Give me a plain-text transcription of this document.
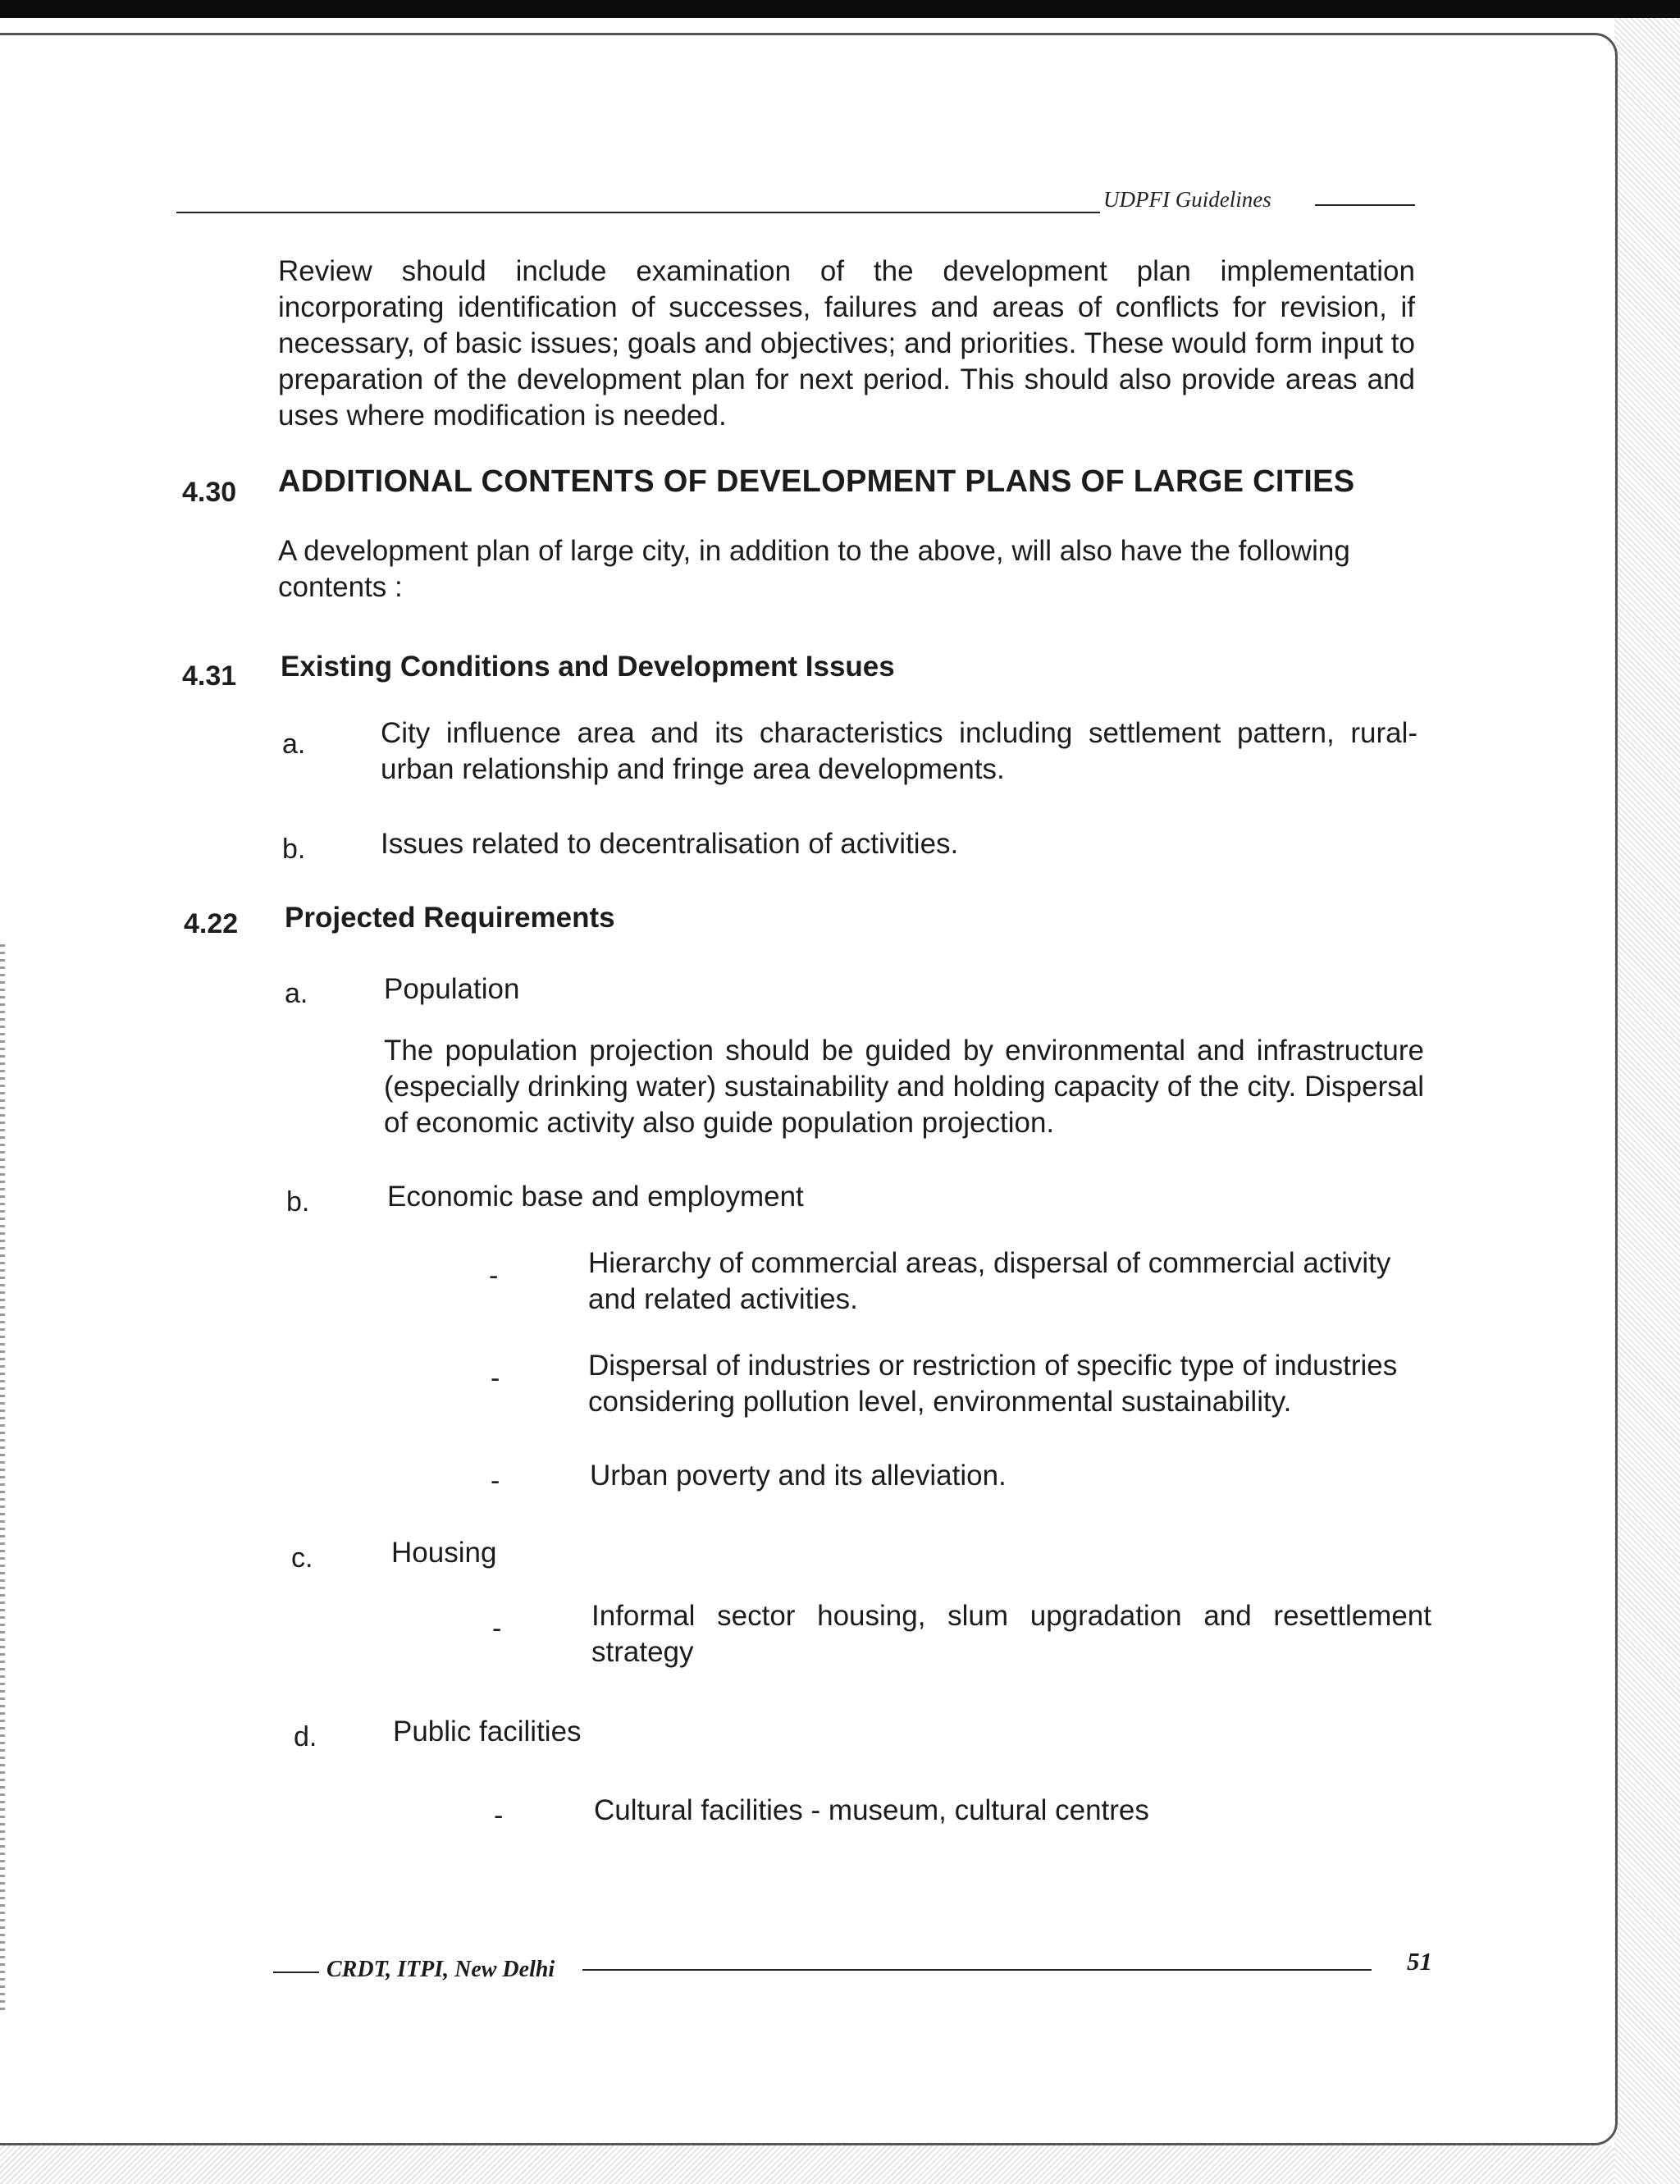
UDPFI Guidelines
Review should include examination of the development plan implementation incorporating identification of successes, failures and areas of conflicts for revision, if necessary, of basic issues; goals and objectives; and priorities. These would form input to preparation of the development plan for next period. This should also provide areas and uses where modification is needed.
4.30 ADDITIONAL CONTENTS OF DEVELOPMENT PLANS OF LARGE CITIES
A development plan of large city, in addition to the above, will also have the following contents :
4.31 Existing Conditions and Development Issues
a.	City influence area and its characteristics including settlement pattern, rural-urban relationship and fringe area developments.
b.	Issues related to decentralisation of activities.
4.22 Projected Requirements
a.	Population
The population projection should be guided by environmental and infrastructure (especially drinking water) sustainability and holding capacity of the city. Dispersal of economic activity also guide population projection.
b.	Economic base and employment
-	Hierarchy of commercial areas, dispersal of commercial activity and related activities.
-	Dispersal of industries or restriction of specific type of industries considering pollution level, environmental sustainability.
-	Urban poverty and its alleviation.
c.	Housing
-	Informal sector housing, slum upgradation and resettlement strategy
d.	Public facilities
-	Cultural facilities - museum, cultural centres
CRDT, ITPI, New Delhi	51
